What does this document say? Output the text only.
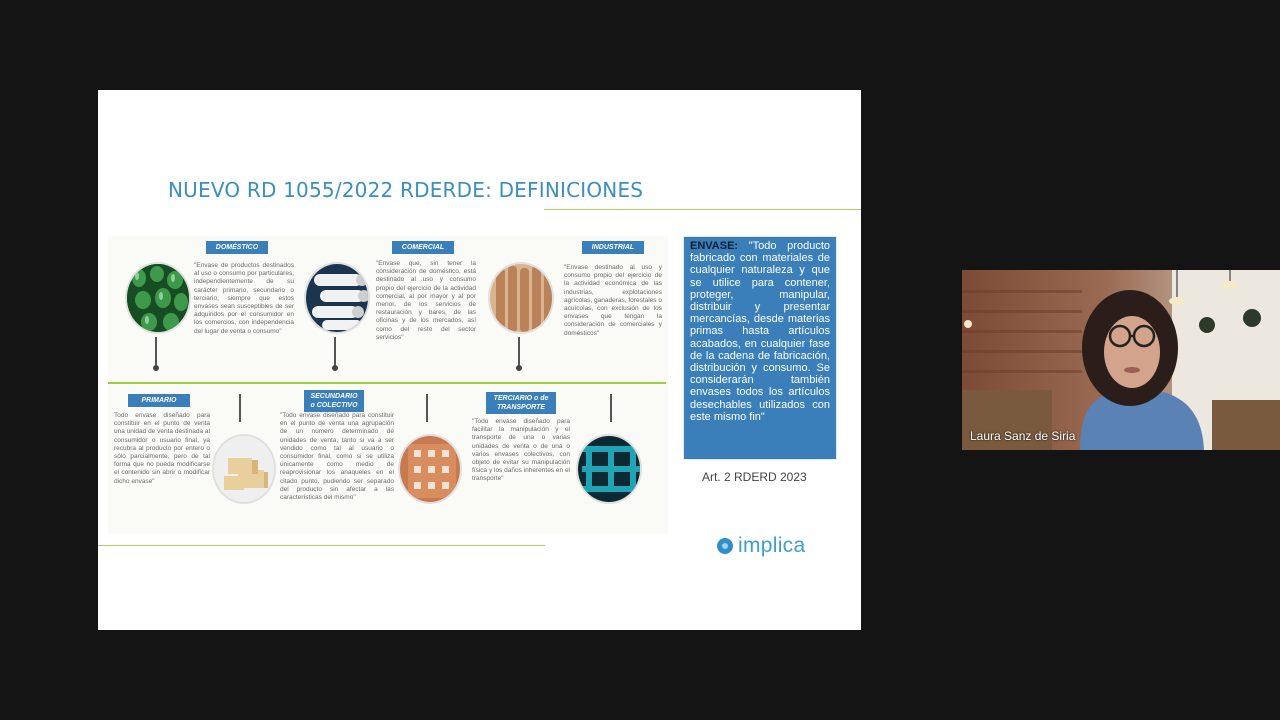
NUEVO RD 1055/2022 RDERDE: DEFINICIONES
DOMÉSTICO
"Envase de productos destinados al uso o consumo por particulares, independientemente de su carácter primario, secundario o terciario, siempre que estos envases sean susceptibles de ser adquiridos por el consumidor en los comercios, con independencia del lugar de venta o consumo"
COMERCIAL
"Envase que, sin tener la consideración de doméstico, está destinado al uso y consumo propio del ejercicio de la actividad comercial, al por mayor y al por menor, de los servicios de restauración y bares, de las oficinas y de los mercados, así como del resto del sector servicios"
INDUSTRIAL
"Envase destinado al uso y consumo propio del ejercicio de la actividad económica de las industrias, explotaciones agrícolas, ganaderas, forestales o acuícolas, con exclusión de los envases que tengan la consideración de comerciales y domésticos"
PRIMARIO
Todo envase diseñado para constituir en el punto de venta una unidad de venta destinada al consumidor o usuario final, ya recubra al producto por entero o sólo parcialmente, pero de tal forma que no pueda modificarse el contenido sin abrir o modificar dicho envase"
SECUNDARIO o COLECTIVO
"Todo envase diseñado para constituir en el punto de venta una agrupación de un número determinado de unidades de venta, tanto si va a ser vendido como tal al usuario o consumidor final, como si se utiliza únicamente como medio de reaprovisionar los anaqueles en el citado punto, pudiendo ser separado del producto sin afectar a las características del mismo"
TERCIARIO o de TRANSPORTE
"Todo envase diseñado para facilitar la manipulación y el transporte de una o varias unidades de venta o de una o varios envases colectivos, con objeto de evitar su manipulación física y los daños inherentes en el transporte"
ENVASE: "Todo producto fabricado con materiales de cualquier naturaleza y que se utilice para contener, proteger, manipular, distribuir y presentar mercancías, desde materias primas hasta artículos acabados, en cualquier fase de la cadena de fabricación, distribución y consumo. Se considerarán también envases todos los artículos desechables utilizados con este mismo fin"
Art. 2 RDERD 2023
implica
Laura Sanz de Siria
